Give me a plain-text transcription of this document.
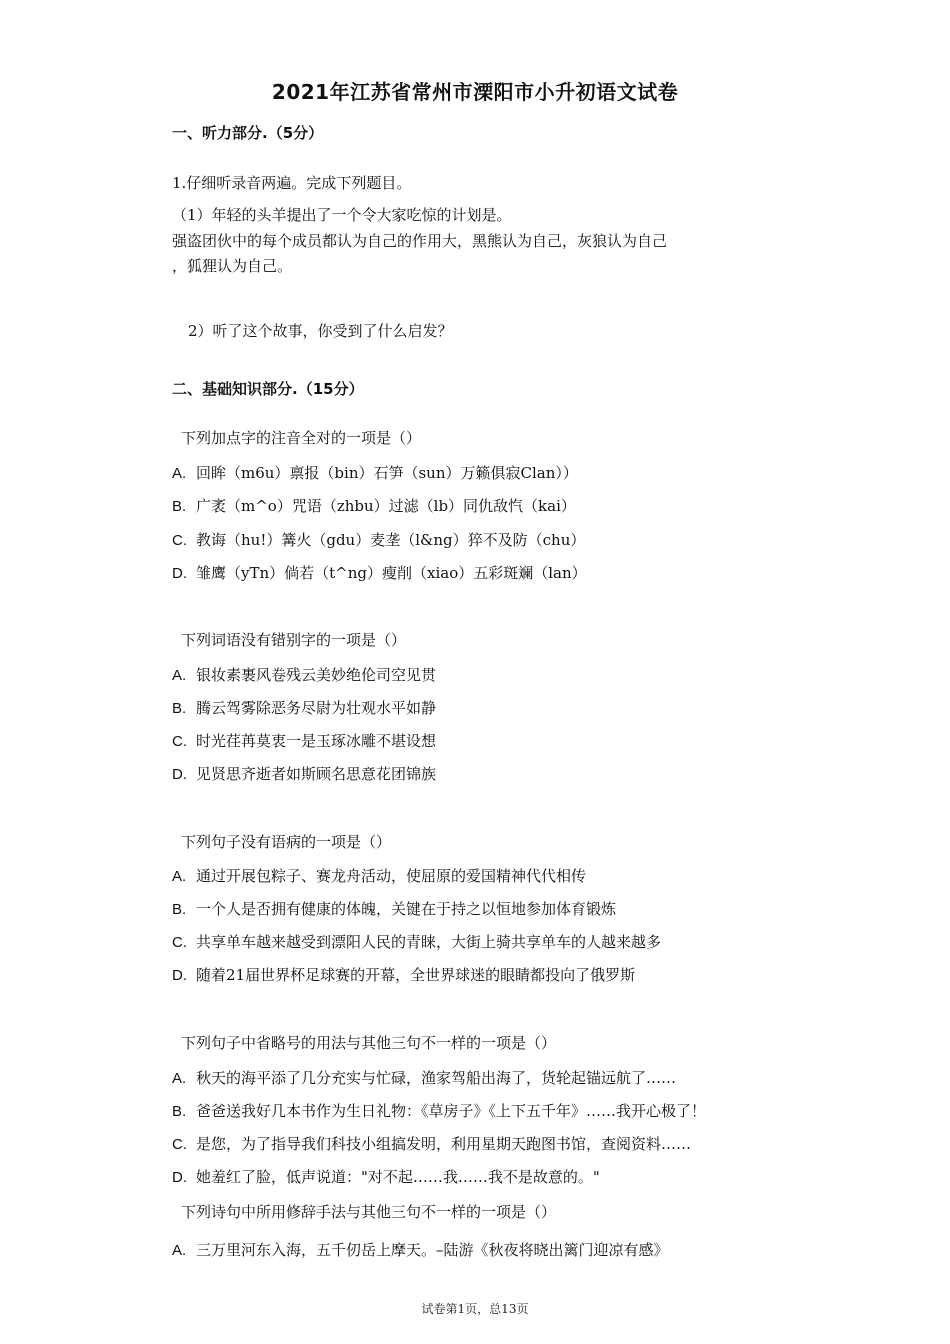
2021年江苏省常州市溧阳市小升初语文试卷
一、听力部分.（5分）
1.仔细听录音两遍。完成下列题目。
（1）年轻的头羊提出了一个令大家吃惊的计划是。
强盗团伙中的每个成员都认为自己的作用大，黑熊认为自己，灰狼认为自己
，狐狸认为自己。
2）听了这个故事，你受到了什么启发？
二、基础知识部分.（15分）
下列加点字的注音全对的一项是（）
A. 回眸（m6u）禀报（bin）石笋（sun）万籁俱寂Clan））
B. 广袤（m^o）咒语（zhbu）过滤（lb）同仇敌忾（kai）
C. 教诲（hu!）篝火（gdu）麦垄（l&ng）猝不及防（chu）
D. 雏鹰（yTn）倘若（t^ng）瘦削（xiao）五彩斑斓（lan）
下列词语没有错别字的一项是（）
A. 银妆素裹风卷残云美妙绝伦司空见贯
B. 腾云驾雾除恶务尽尉为壮观水平如静
C. 时光荏苒莫衷一是玉琢冰雕不堪设想
D. 见贤思齐逝者如斯顾名思意花团锦族
下列句子没有语病的一项是（）
A. 通过开展包粽子、赛龙舟活动，使屈原的爱国精神代代相传
B. 一个人是否拥有健康的体魄，关键在于持之以恒地参加体育锻炼
C. 共享单车越来越受到漂阳人民的青睐，大街上骑共享单车的人越来越多
D. 随着21届世界杯足球赛的开幕，全世界球迷的眼睛都投向了俄罗斯
下列句子中省略号的用法与其他三句不一样的一项是（）
A. 秋天的海平添了几分充实与忙碌，渔家驾船出海了，货轮起锚远航了……
B. 爸爸送我好几本书作为生日礼物：《草房子》《上下五千年》……我开心极了！
C. 是您，为了指导我们科技小组搞发明，利用星期天跑图书馆，查阅资料……
D. 她羞红了脸，低声说道："对不起……我……我不是故意的。"
下列诗句中所用修辞手法与其他三句不一样的一项是（）
A. 三万里河东入海，五千仞岳上摩天。–陆游《秋夜将晓出篱门迎凉有感》
试卷第1页，总13页
